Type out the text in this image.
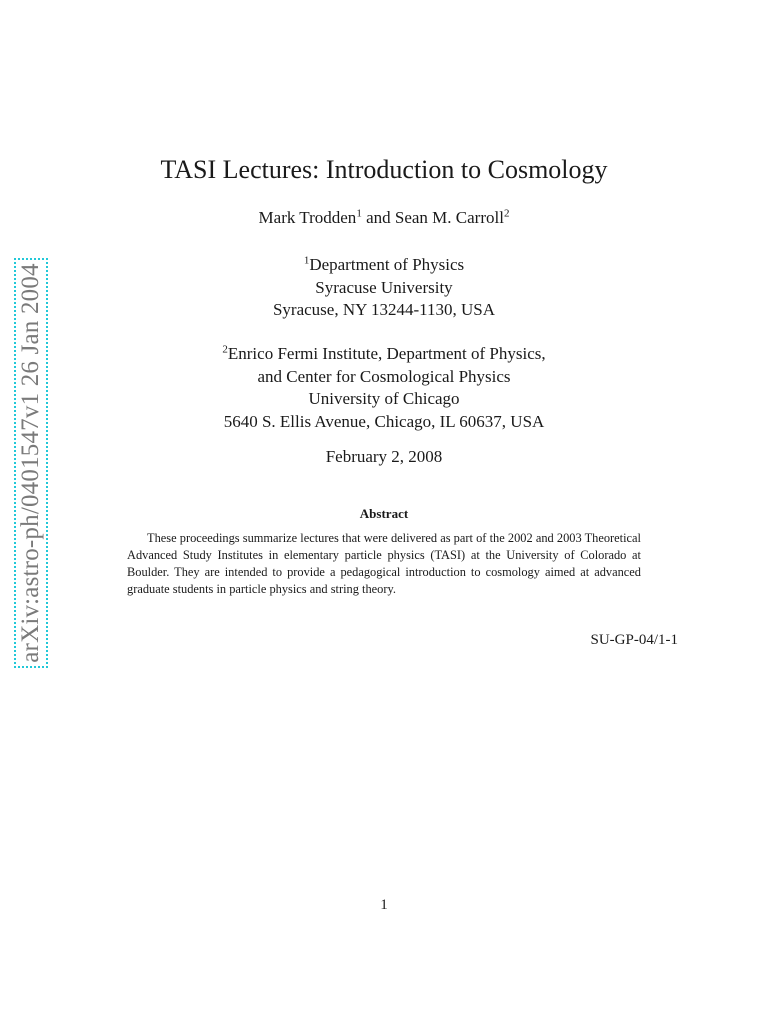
arXiv:astro-ph/0401547v1 26 Jan 2004
TASI Lectures: Introduction to Cosmology
Mark Trodden$^1$ and Sean M. Carroll$^2$
$^1$Department of Physics
Syracuse University
Syracuse, NY 13244-1130, USA
$^2$Enrico Fermi Institute, Department of Physics,
and Center for Cosmological Physics
University of Chicago
5640 S. Ellis Avenue, Chicago, IL 60637, USA
February 2, 2008
Abstract
These proceedings summarize lectures that were delivered as part of the 2002 and 2003 Theoretical Advanced Study Institutes in elementary particle physics (TASI) at the University of Colorado at Boulder. They are intended to provide a pedagogical introduction to cosmology aimed at advanced graduate students in particle physics and string theory.
SU-GP-04/1-1
1
